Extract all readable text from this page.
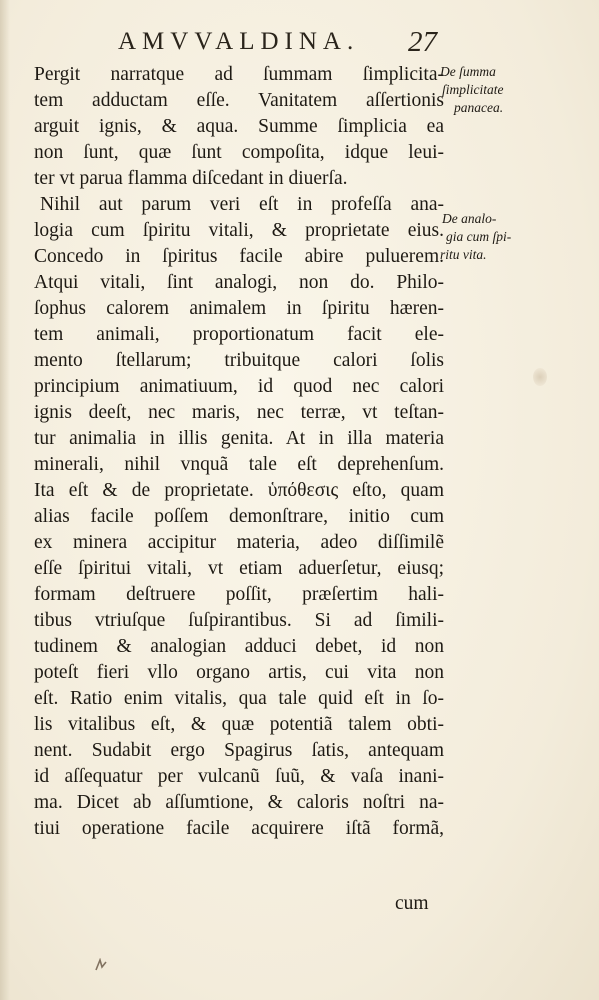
AMVVALDINA. 27
Pergit narratque ad ſummam ſimplicita-
tem adductam eſſe. Vanitatem aſſertionis
arguit ignis, & aqua. Summe ſimplicia ea
non ſunt, quæ ſunt compoſita, idque leui-
ter vt parua flamma diſcedant in diuerſa.
Nihil aut parum veri eſt in profeſſa ana-
logia cum ſpiritu vitali, & proprietate eius.
Concedo in ſpiritus facile abire puluerem.
Atqui vitali, ſint analogi, non do. Philo-
ſophus calorem animalem in ſpiritu hæren-
tem animali, proportionatum facit ele-
mento ſtellarum; tribuitque calori ſolis
principium animatiuum, id quod nec calori
ignis deeſt, nec maris, nec terræ, vt teſtan-
tur animalia in illis genita. At in illa materia
minerali, nihil vnquã tale eſt deprehenſum.
Ita eſt & de proprietate. ὑπόθεσις eſto, quam
alias facile poſſem demonſtrare, initio cum
ex minera accipitur materia, adeo diſſimilẽ
eſſe ſpiritui vitali, vt etiam aduerſetur, eiusq;
formam deſtruere poſſit, præſertim hali-
tibus vtriuſque ſuſpirantibus. Si ad ſimili-
tudinem & analogian adduci debet, id non
poteſt fieri vllo organo artis, cui vita non
eſt. Ratio enim vitalis, qua tale quid eſt in ſo-
lis vitalibus eſt, & quæ potentiã talem obti-
nent. Sudabit ergo Spagirus ſatis, antequam
id aſſequatur per vulcanũ ſuũ, & vaſa inani-
ma. Dicet ab aſſumtione, & caloris noſtri na-
tiui operatione facile acquirere iſtã formã,
cum
De ſumma
ſimplicitate
panacea.
De analo-
gia cum ſpi-
ritu vita.
